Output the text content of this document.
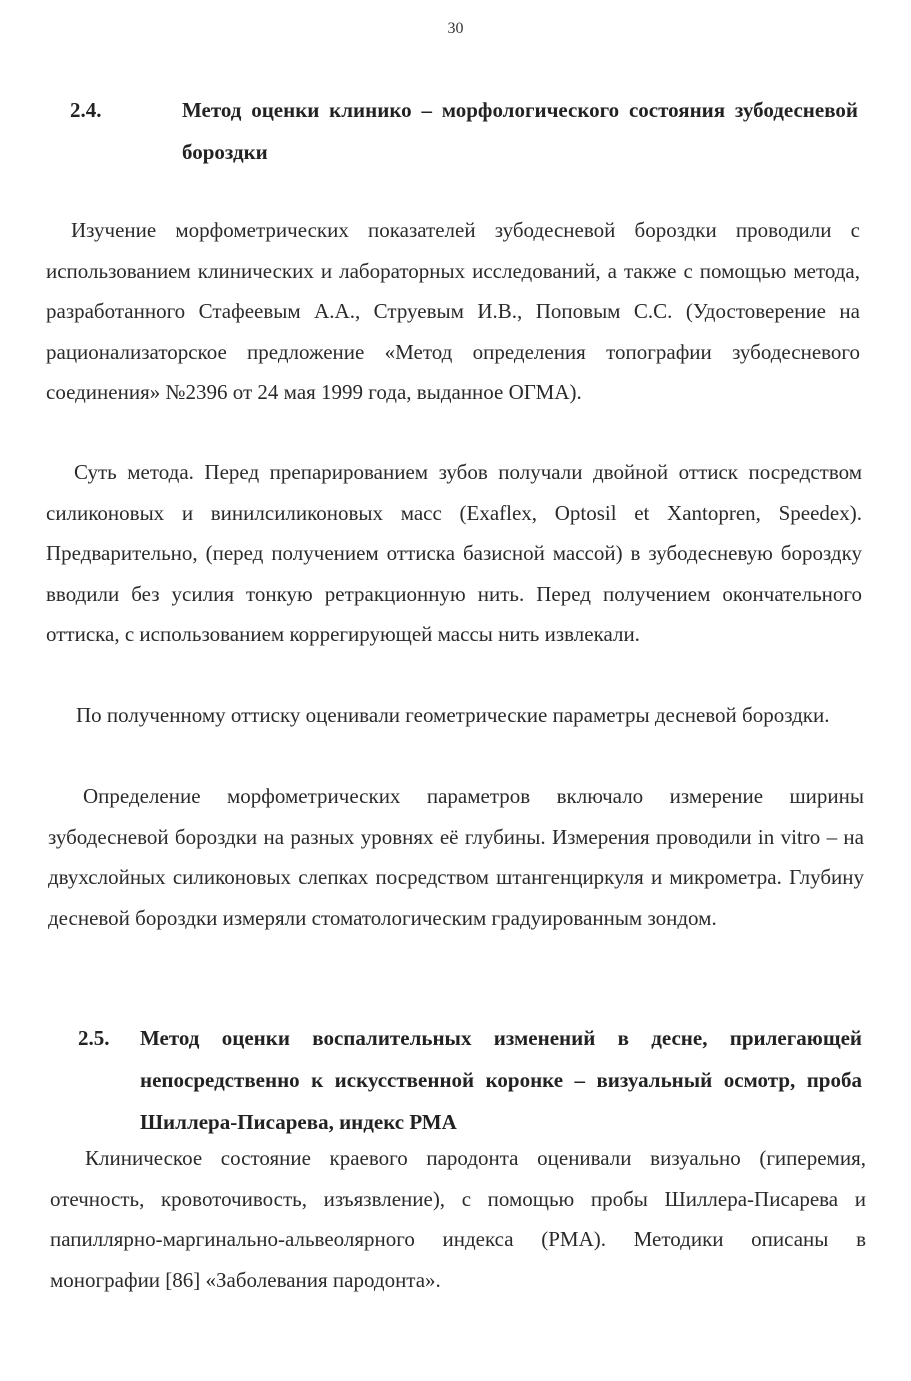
30
2.4.	Метод оценки клинико – морфологического состояния зубодесневой бороздки

Изучение морфометрических показателей зубодесневой бороздки проводили с использованием клинических и лабораторных исследований, а также с помощью метода, разработанного Стафеевым А.А., Струевым И.В., Поповым С.С. (Удостоверение на рационализаторское предложение «Метод определения топографии зубодесневого соединения» №2396 от 24 мая 1999 года, выданное ОГМА).

Суть метода. Перед препарированием зубов получали двойной оттиск посредством силиконовых и винилсиликоновых масс (Exaflex, Optosil et Xantopren, Speedex). Предварительно, (перед получением оттиска базисной массой) в зубодесневую бороздку вводили без усилия тонкую ретракционную нить. Перед получением окончательного оттиска, с использованием коррегирующей массы нить извлекали.

По полученному оттиску оценивали геометрические параметры десневой бороздки.

Определение морфометрических параметров включало измерение ширины зубодесневой бороздки на разных уровнях её глубины. Измерения проводили in vitro – на двухслойных силиконовых слепках посредством штангенциркуля и микрометра. Глубину десневой бороздки измеряли стоматологическим градуированным зондом.

2.5. Метод оценки воспалительных изменений в десне, прилегающей непосредственно к искусственной коронке – визуальный осмотр, проба Шиллера-Писарева, индекс РМА

Клиническое состояние краевого пародонта оценивали визуально (гиперемия, отечность, кровоточивость, изъязвление), с помощью пробы Шиллера-Писарева и папиллярно-маргинально-альвеолярного индекса (РМА). Методики описаны в монографии [86] «Заболевания пародонта».
